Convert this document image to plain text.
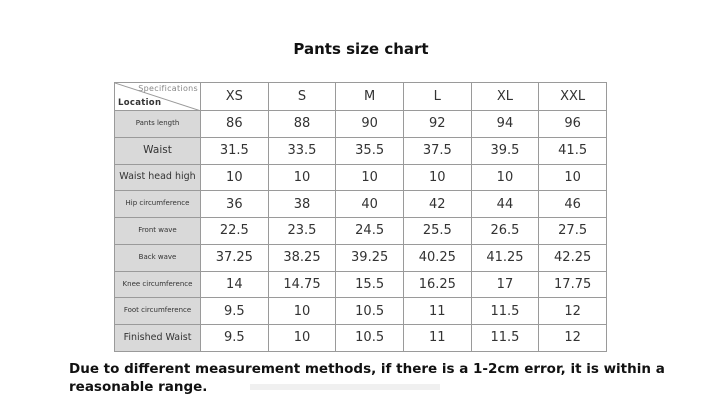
Pants size chart
Specifications
Location	XS	S	M	L	XL	XXL
Pants length	86	88	90	92	94	96
Waist	31.5	33.5	35.5	37.5	39.5	41.5
Waist head high	10	10	10	10	10	10
Hip circumference	36	38	40	42	44	46
Front wave	22.5	23.5	24.5	25.5	26.5	27.5
Back wave	37.25	38.25	39.25	40.25	41.25	42.25
Knee circumference	14	14.75	15.5	16.25	17	17.75
Foot circumference	9.5	10	10.5	11	11.5	12
Finished Waist	9.5	10	10.5	11	11.5	12
Due to different measurement methods, if there is a 1-2cm error, it is within a reasonable range.
